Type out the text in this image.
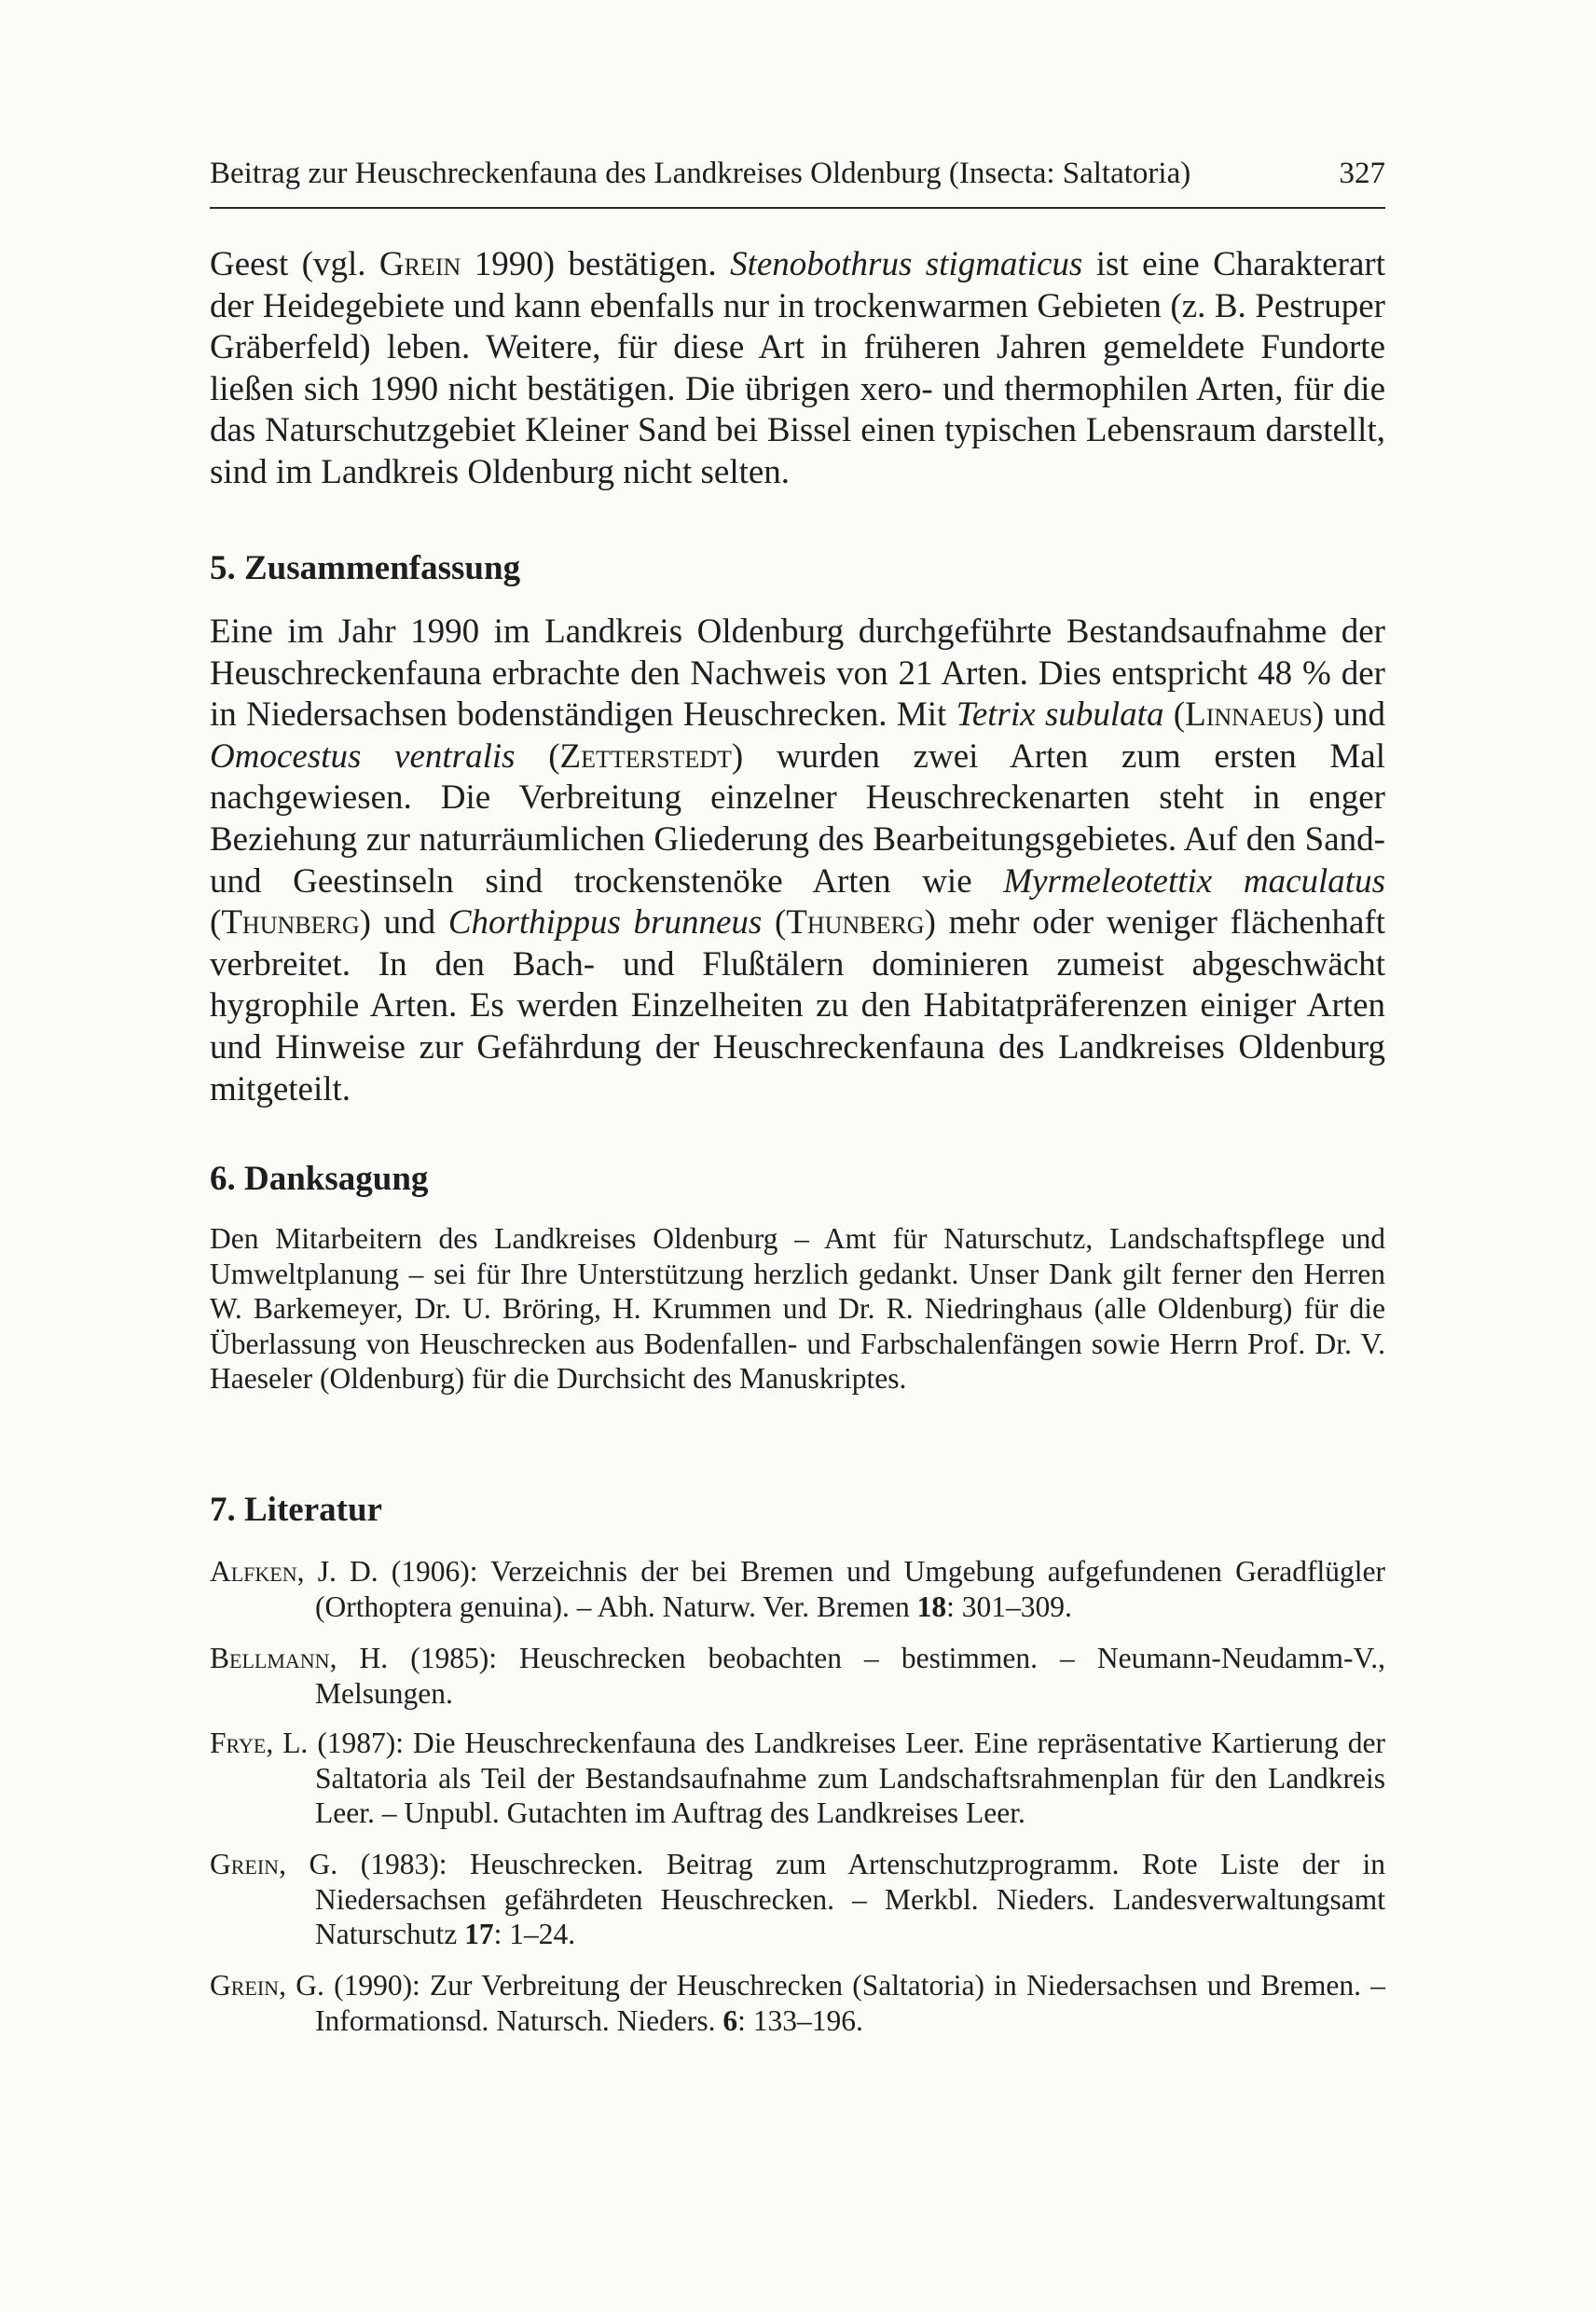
Beitrag zur Heuschreckenfauna des Landkreises Oldenburg (Insecta: Saltatoria)	327
Geest (vgl. Grein 1990) bestätigen. Stenobothrus stigmaticus ist eine Charakterart der Heidegebiete und kann ebenfalls nur in trockenwarmen Gebieten (z. B. Pestruper Gräberfeld) leben. Weitere, für diese Art in früheren Jahren gemeldete Fundorte ließen sich 1990 nicht bestätigen. Die übrigen xero- und thermophilen Arten, für die das Naturschutzgebiet Kleiner Sand bei Bissel einen typischen Lebensraum darstellt, sind im Landkreis Oldenburg nicht selten.
5. Zusammenfassung
Eine im Jahr 1990 im Landkreis Oldenburg durchgeführte Bestandsaufnahme der Heuschreckenfauna erbrachte den Nachweis von 21 Arten. Dies entspricht 48 % der in Niedersachsen bodenständigen Heuschrecken. Mit Tetrix subulata (Linnaeus) und Omocestus ventralis (Zetterstedt) wurden zwei Arten zum ersten Mal nachgewiesen. Die Verbreitung einzelner Heuschreckenarten steht in enger Beziehung zur naturräumlichen Gliederung des Bearbeitungsgebietes. Auf den Sand- und Geestinseln sind trockenstenöke Arten wie Myrmeleotettix maculatus (Thunberg) und Chorthippus brunneus (Thunberg) mehr oder weniger flächenhaft verbreitet. In den Bach- und Flußtälern dominieren zumeist abgeschwächt hygrophile Arten. Es werden Einzelheiten zu den Habitatpräferenzen einiger Arten und Hinweise zur Gefährdung der Heuschreckenfauna des Landkreises Oldenburg mitgeteilt.
6. Danksagung
Den Mitarbeitern des Landkreises Oldenburg – Amt für Naturschutz, Landschaftspflege und Umweltplanung – sei für Ihre Unterstützung herzlich gedankt. Unser Dank gilt ferner den Herren W. Barkemeyer, Dr. U. Bröring, H. Krummen und Dr. R. Niedringhaus (alle Oldenburg) für die Überlassung von Heuschrecken aus Bodenfallen- und Farbschalenfängen sowie Herrn Prof. Dr. V. Haeseler (Oldenburg) für die Durchsicht des Manuskriptes.
7. Literatur
Alfken, J. D. (1906): Verzeichnis der bei Bremen und Umgebung aufgefundenen Geradflügler (Orthoptera genuina). – Abh. Naturw. Ver. Bremen 18: 301–309.
Bellmann, H. (1985): Heuschrecken beobachten – bestimmen. – Neumann-Neudamm-V., Melsungen.
Frye, L. (1987): Die Heuschreckenfauna des Landkreises Leer. Eine repräsentative Kartierung der Saltatoria als Teil der Bestandsaufnahme zum Landschaftsrahmenplan für den Landkreis Leer. – Unpubl. Gutachten im Auftrag des Landkreises Leer.
Grein, G. (1983): Heuschrecken. Beitrag zum Artenschutzprogramm. Rote Liste der in Niedersachsen gefährdeten Heuschrecken. – Merkbl. Nieders. Landesverwaltungsamt Naturschutz 17: 1–24.
Grein, G. (1990): Zur Verbreitung der Heuschrecken (Saltatoria) in Niedersachsen und Bremen. – Informationsd. Natursch. Nieders. 6: 133–196.
